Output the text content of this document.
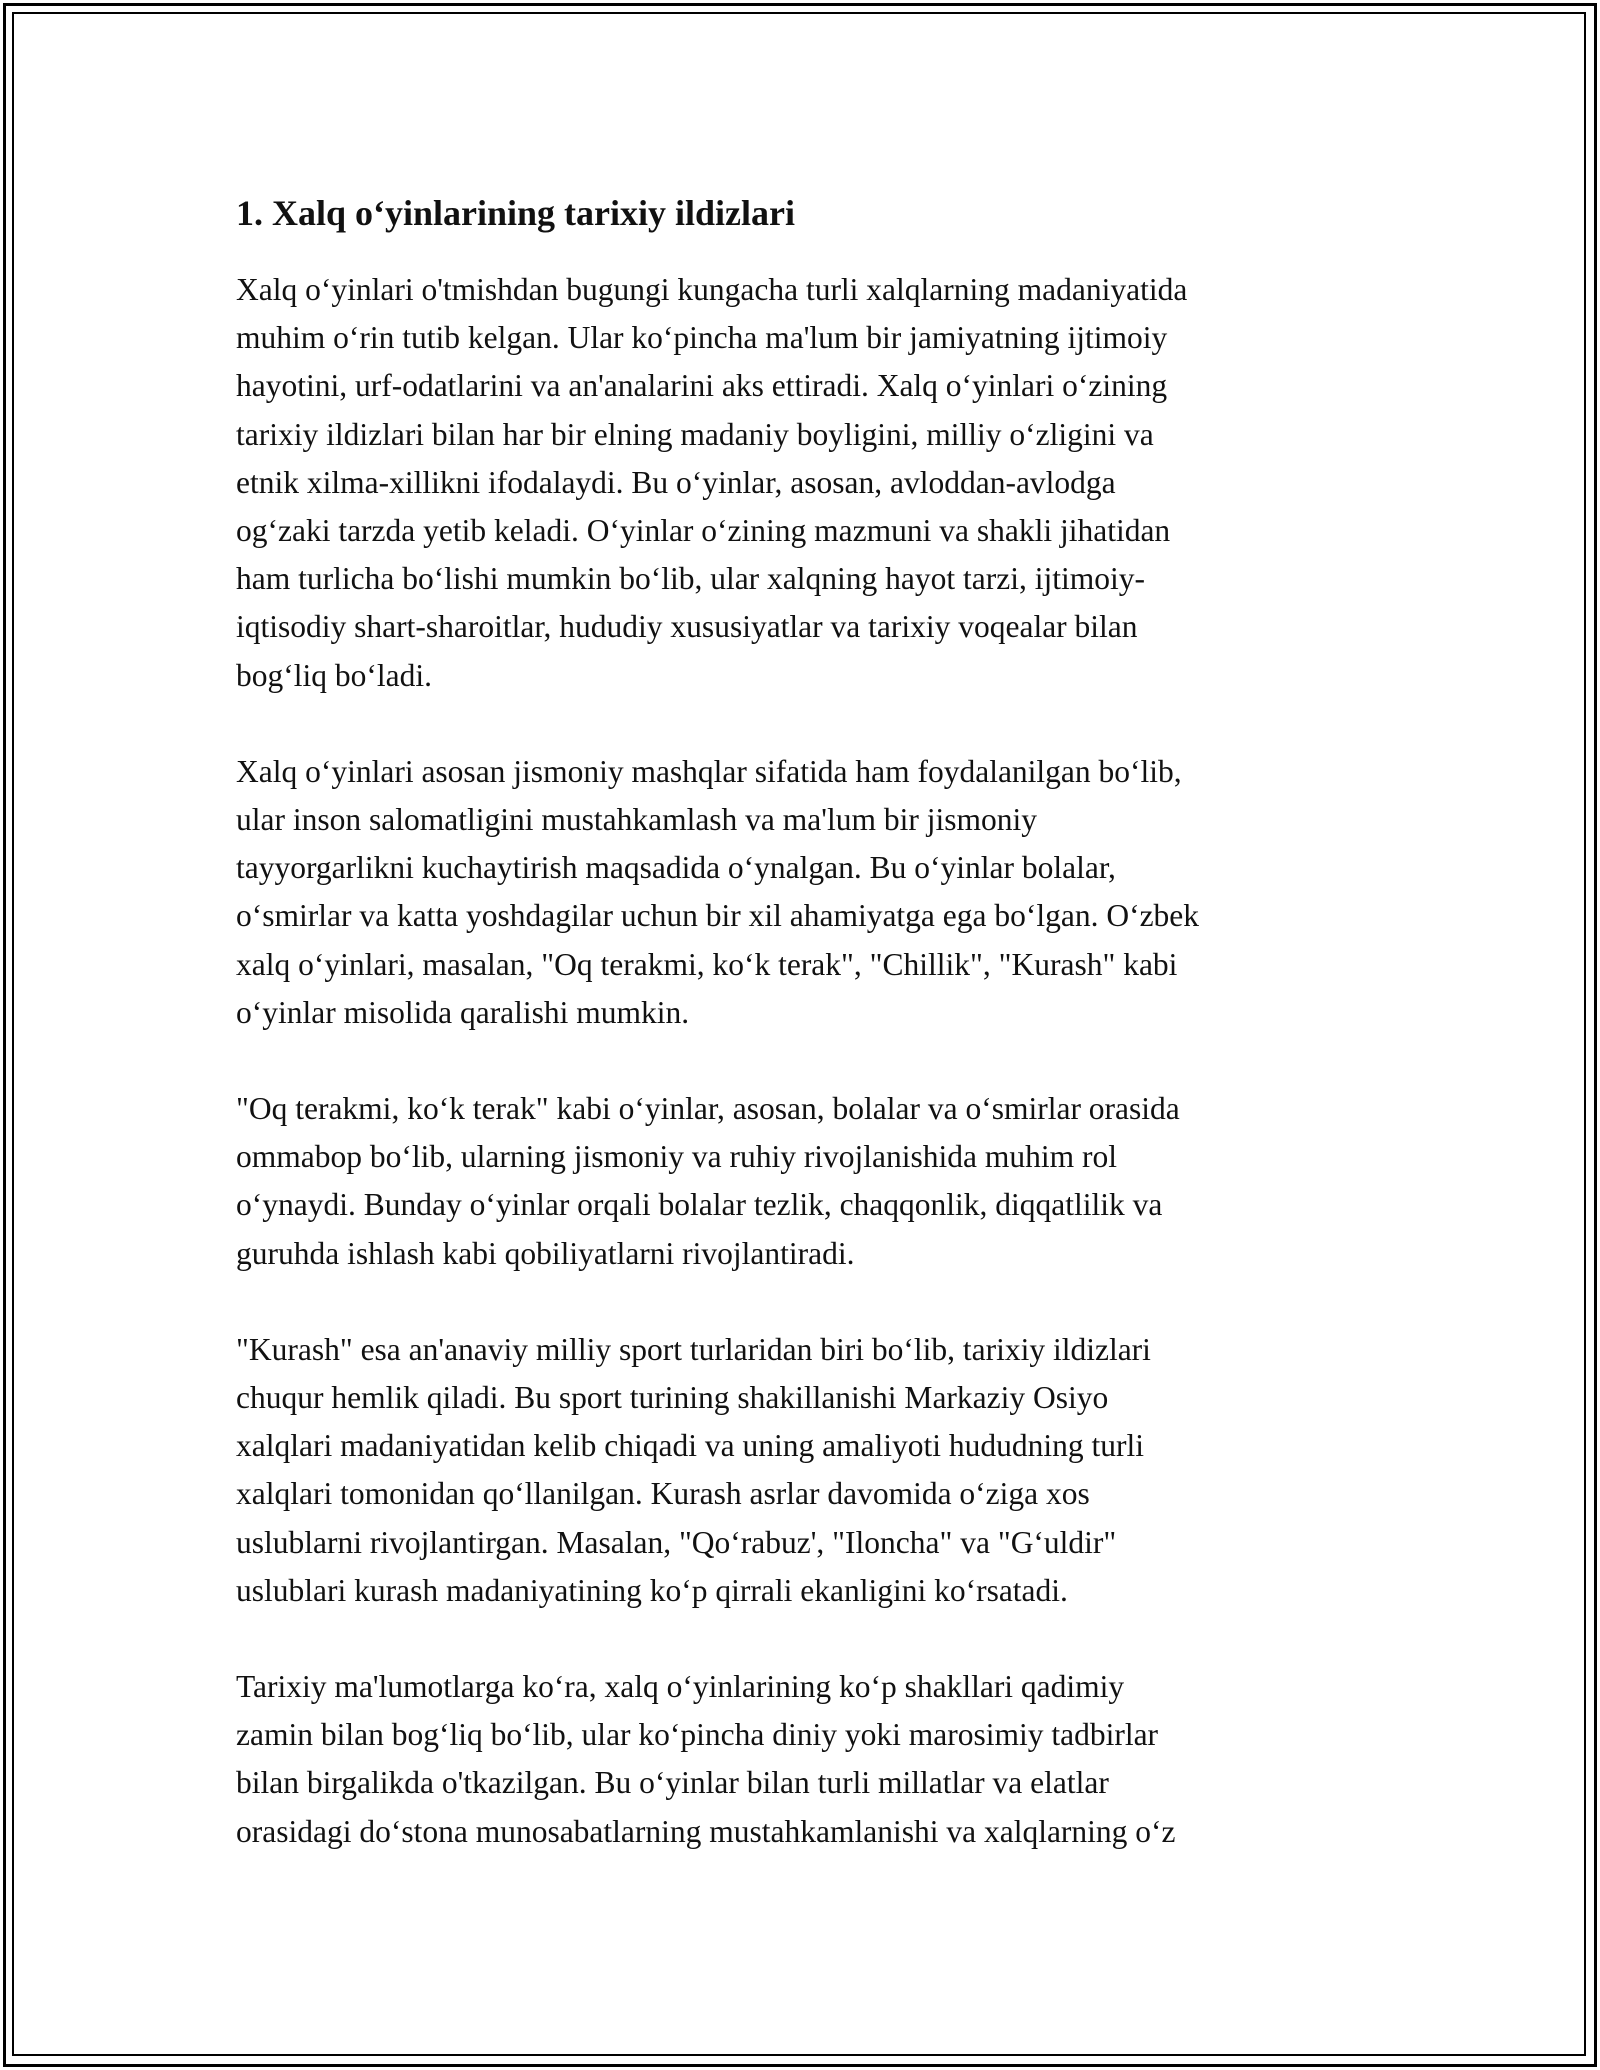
1. Xalq o‘yinlarining tarixiy ildizlari
Xalq o‘yinlari o'tmishdan bugungi kungacha turli xalqlarning madaniyatida
muhim o‘rin tutib kelgan. Ular ko‘pincha ma'lum bir jamiyatning ijtimoiy
hayotini, urf-odatlarini va an'analarini aks ettiradi. Xalq o‘yinlari o‘zining
tarixiy ildizlari bilan har bir elning madaniy boyligini, milliy o‘zligini va
etnik xilma-xillikni ifodalaydi. Bu o‘yinlar, asosan, avloddan-avlodga
og‘zaki tarzda yetib keladi. O‘yinlar o‘zining mazmuni va shakli jihatidan
ham turlicha bo‘lishi mumkin bo‘lib, ular xalqning hayot tarzi, ijtimoiy-
iqtisodiy shart-sharoitlar, hududiy xususiyatlar va tarixiy voqealar bilan
bog‘liq bo‘ladi.
Xalq o‘yinlari asosan jismoniy mashqlar sifatida ham foydalanilgan bo‘lib,
ular inson salomatligini mustahkamlash va ma'lum bir jismoniy
tayyorgarlikni kuchaytirish maqsadida o‘ynalgan. Bu o‘yinlar bolalar,
o‘smirlar va katta yoshdagilar uchun bir xil ahamiyatga ega bo‘lgan. O‘zbek
xalq o‘yinlari, masalan, "Oq terakmi, ko‘k terak", "Chillik", "Kurash" kabi
o‘yinlar misolida qaralishi mumkin.
"Oq terakmi, ko‘k terak" kabi o‘yinlar, asosan, bolalar va o‘smirlar orasida
ommabop bo‘lib, ularning jismoniy va ruhiy rivojlanishida muhim rol
o‘ynaydi. Bunday o‘yinlar orqali bolalar tezlik, chaqqonlik, diqqatlilik va
guruhda ishlash kabi qobiliyatlarni rivojlantiradi.
"Kurash" esa an'anaviy milliy sport turlaridan biri bo‘lib, tarixiy ildizlari
chuqur hemlik qiladi. Bu sport turining shakillanishi Markaziy Osiyo
xalqlari madaniyatidan kelib chiqadi va uning amaliyoti hududning turli
xalqlari tomonidan qo‘llanilgan. Kurash asrlar davomida o‘ziga xos
uslublarni rivojlantirgan. Masalan, "Qo‘rabuz', "Iloncha" va "G‘uldir"
uslublari kurash madaniyatining ko‘p qirrali ekanligini ko‘rsatadi.
Tarixiy ma'lumotlarga ko‘ra, xalq o‘yinlarining ko‘p shakllari qadimiy
zamin bilan bog‘liq bo‘lib, ular ko‘pincha diniy yoki marosimiy tadbirlar
bilan birgalikda o'tkazilgan. Bu o‘yinlar bilan turli millatlar va elatlar
orasidagi do‘stona munosabatlarning mustahkamlanishi va xalqlarning o‘z
